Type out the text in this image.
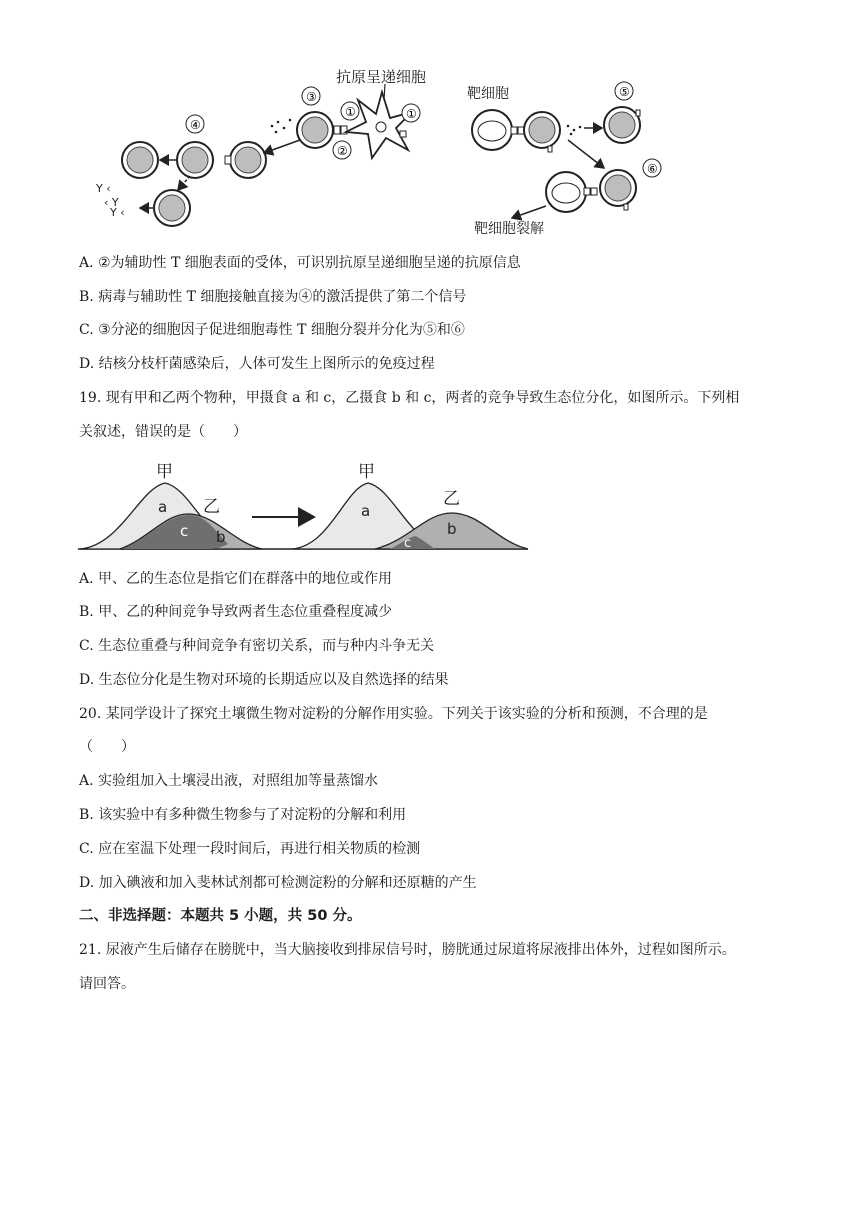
Y ‹
‹ Y
Y ‹
③
④
①
②
①
抗原呈递细胞
靶细胞	⑤
⑥
靶细胞裂解
A. ②为辅助性 T 细胞表面的受体，可识别抗原呈递细胞呈递的抗原信息
B. 病毒与辅助性 T 细胞接触直接为④的激活提供了第二个信号
C. ③分泌的细胞因子促进细胞毒性 T 细胞分裂并分化为⑤和⑥
D. 结核分枝杆菌感染后，人体可发生上图所示的免疫过程
19. 现有甲和乙两个物种，甲摄食 a 和 c，乙摄食 b 和 c，两者的竞争导致生态位分化，如图所示。下列相
关叙述，错误的是（　　）
甲
乙
a
c b
甲
乙
a
c
b
A. 甲、乙的生态位是指它们在群落中的地位或作用
B. 甲、乙的种间竞争导致两者生态位重叠程度减少
C. 生态位重叠与种间竞争有密切关系，而与种内斗争无关
D. 生态位分化是生物对环境的长期适应以及自然选择的结果
20. 某同学设计了探究土壤微生物对淀粉的分解作用实验。下列关于该实验的分析和预测，不合理的是
（　　）
A. 实验组加入土壤浸出液，对照组加等量蒸馏水
B. 该实验中有多种微生物参与了对淀粉的分解和利用
C. 应在室温下处理一段时间后，再进行相关物质的检测
D. 加入碘液和加入斐林试剂都可检测淀粉的分解和还原糖的产生
二、非选择题：本题共 5 小题，共 50 分。
21. 尿液产生后储存在膀胱中，当大脑接收到排尿信号时，膀胱通过尿道将尿液排出体外，过程如图所示。
请回答。
